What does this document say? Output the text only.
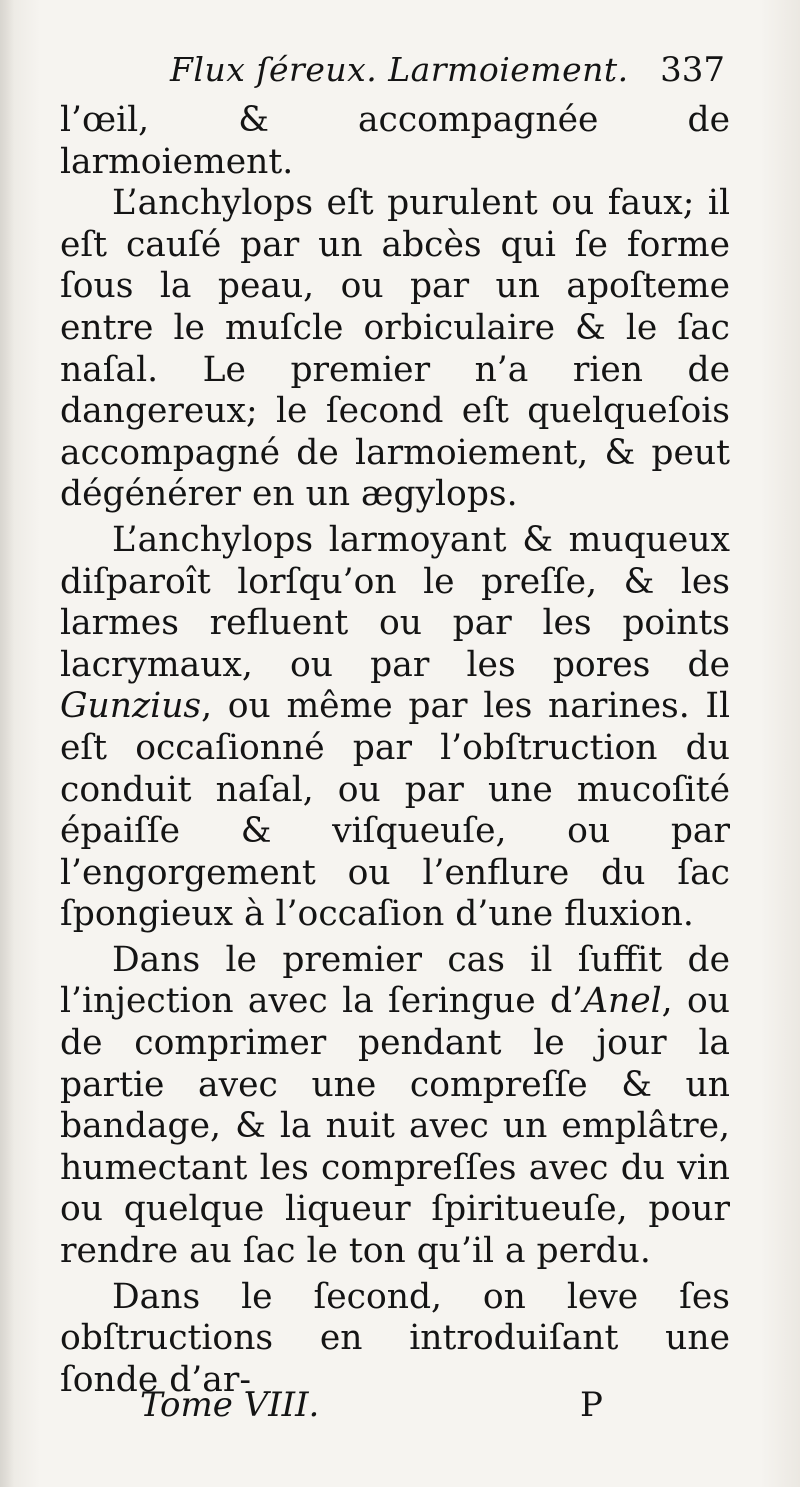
Flux ſéreux. Larmoiement. 337

l’œil, & accompagnée de larmoiement.

L’anchylops eſt purulent ou faux; il eſt cauſé par un abcès qui ſe forme ſous la peau, ou par un apoſteme entre le muſcle orbiculaire & le ſac naſal. Le premier n’a rien de dangereux; le ſecond eſt quelqueſois accompagné de larmoiement, & peut dégénérer en un ægylops.

L’anchylops larmoyant & muqueux diſparoît lorſqu’on le preſſe, & les larmes refluent ou par les points lacrymaux, ou par les pores de Gunzius, ou même par les narines. Il eſt occaſionné par l’obſtruction du conduit naſal, ou par une mucoſité épaiſſe & viſqueuſe, ou par l’engorgement ou l’enflure du ſac ſpongieux à l’occaſion d’une fluxion.

Dans le premier cas il ſuffit de l’injection avec la ſeringue d’Anel, ou de comprimer pendant le jour la partie avec une compreſſe & un bandage, & la nuit avec un emplâtre, humectant les compreſſes avec du vin ou quelque liqueur ſpiritueuſe, pour rendre au ſac le ton qu’il a perdu.

Dans le ſecond, on leve ſes obſtructions en introduiſant une ſonde d’ar-

Tome VIII.	P
